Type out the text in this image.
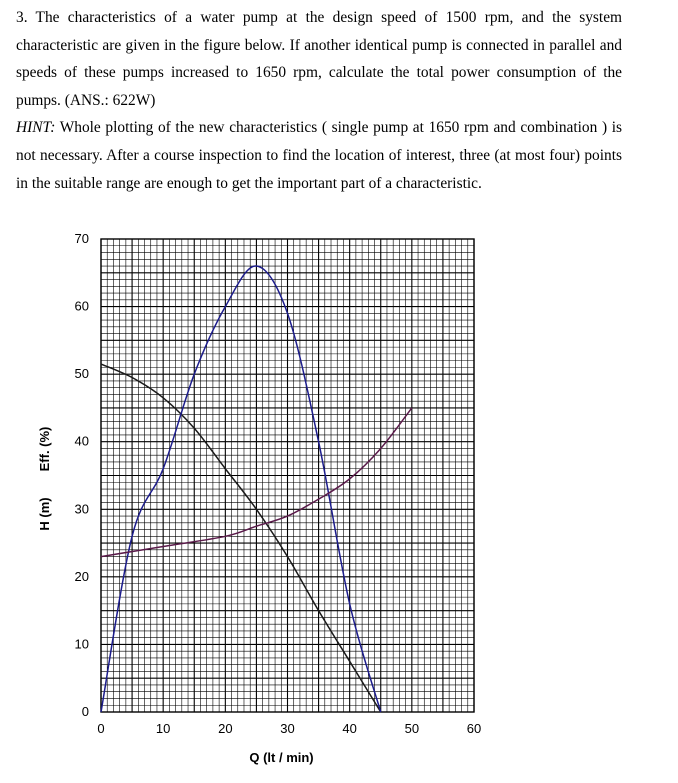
3. The characteristics of a water pump at the design speed of 1500 rpm, and the system characteristic are given in the figure below. If another identical pump is connected in parallel and speeds of these pumps increased to 1650 rpm, calculate the total power consumption of the pumps. (ANS.: 622W)

HINT: Whole plotting of the new characteristics ( single pump at 1650 rpm and combination ) is not necessary. After a course inspection to find the location of interest, three (at most four) points in the suitable range are enough to get the important part of a characteristic.

0	10	20	30	40	50	60
0
10
20
30
40
50
60
70
Q (lt / min)
H (m)
Eff. (%)
